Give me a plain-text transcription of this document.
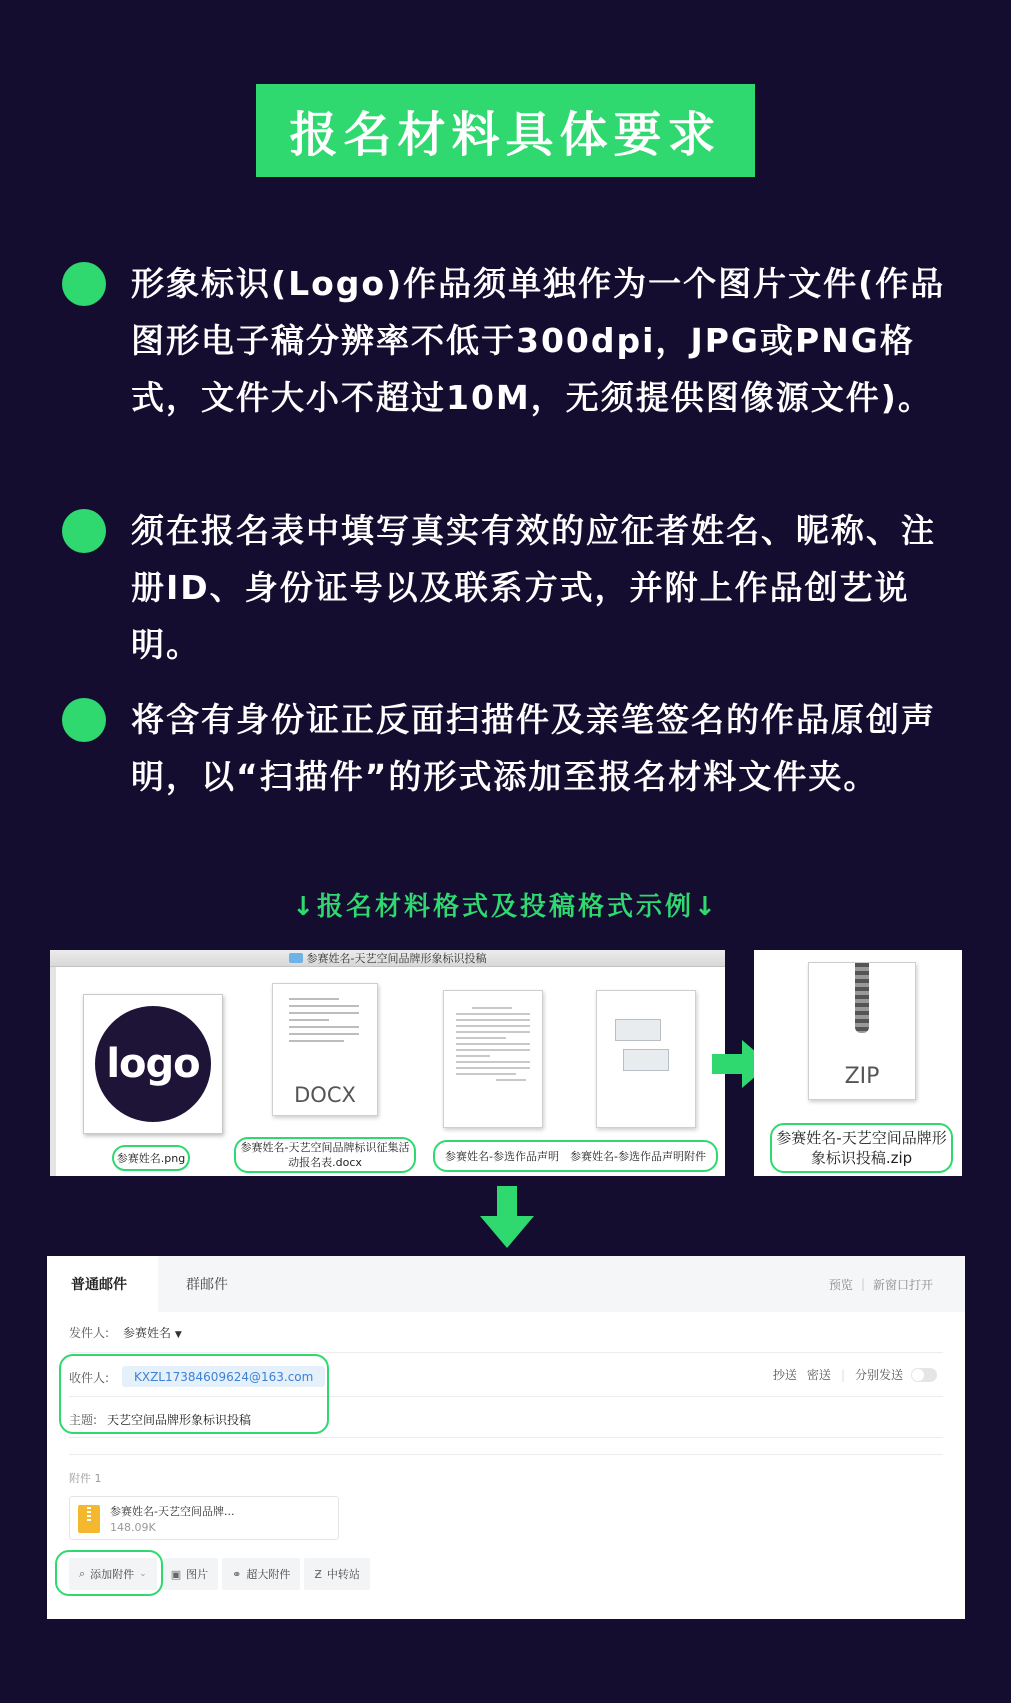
报名材料具体要求
形象标识(Logo)作品须单独作为一个图片文件(作品图形电子稿分辨率不低于300dpi，JPG或PNG格式，文件大小不超过10M，无须提供图像源文件)。
须在报名表中填写真实有效的应征者姓名、昵称、注册ID、身份证号以及联系方式，并附上作品创艺说明。
将含有身份证正反面扫描件及亲笔签名的作品原创声明，以“扫描件”的形式添加至报名材料文件夹。
↓报名材料格式及投稿格式示例↓
参赛姓名-天艺空间品牌形象标识投稿
logo
参赛姓名.png
DOCX
参赛姓名-天艺空间品牌标识征集活动报名表.docx	参赛姓名-参选作品声明 参赛姓名-参选作品声明附件
ZIP
参赛姓名-天艺空间品牌形象标识投稿.zip
普通邮件	群邮件	预览 | 新窗口打开
发件人: 参赛姓名 ▼
收件人:	KXZL17384609624@163.com	抄送 密送 | 分别发送
主题: 天艺空间品牌形象标识投稿
附件 1
参赛姓名-天艺空间品牌...
148.09K
⌕ 添加附件 ⌄ ▣ 图片 ⚭ 超大附件 Ƶ 中转站
